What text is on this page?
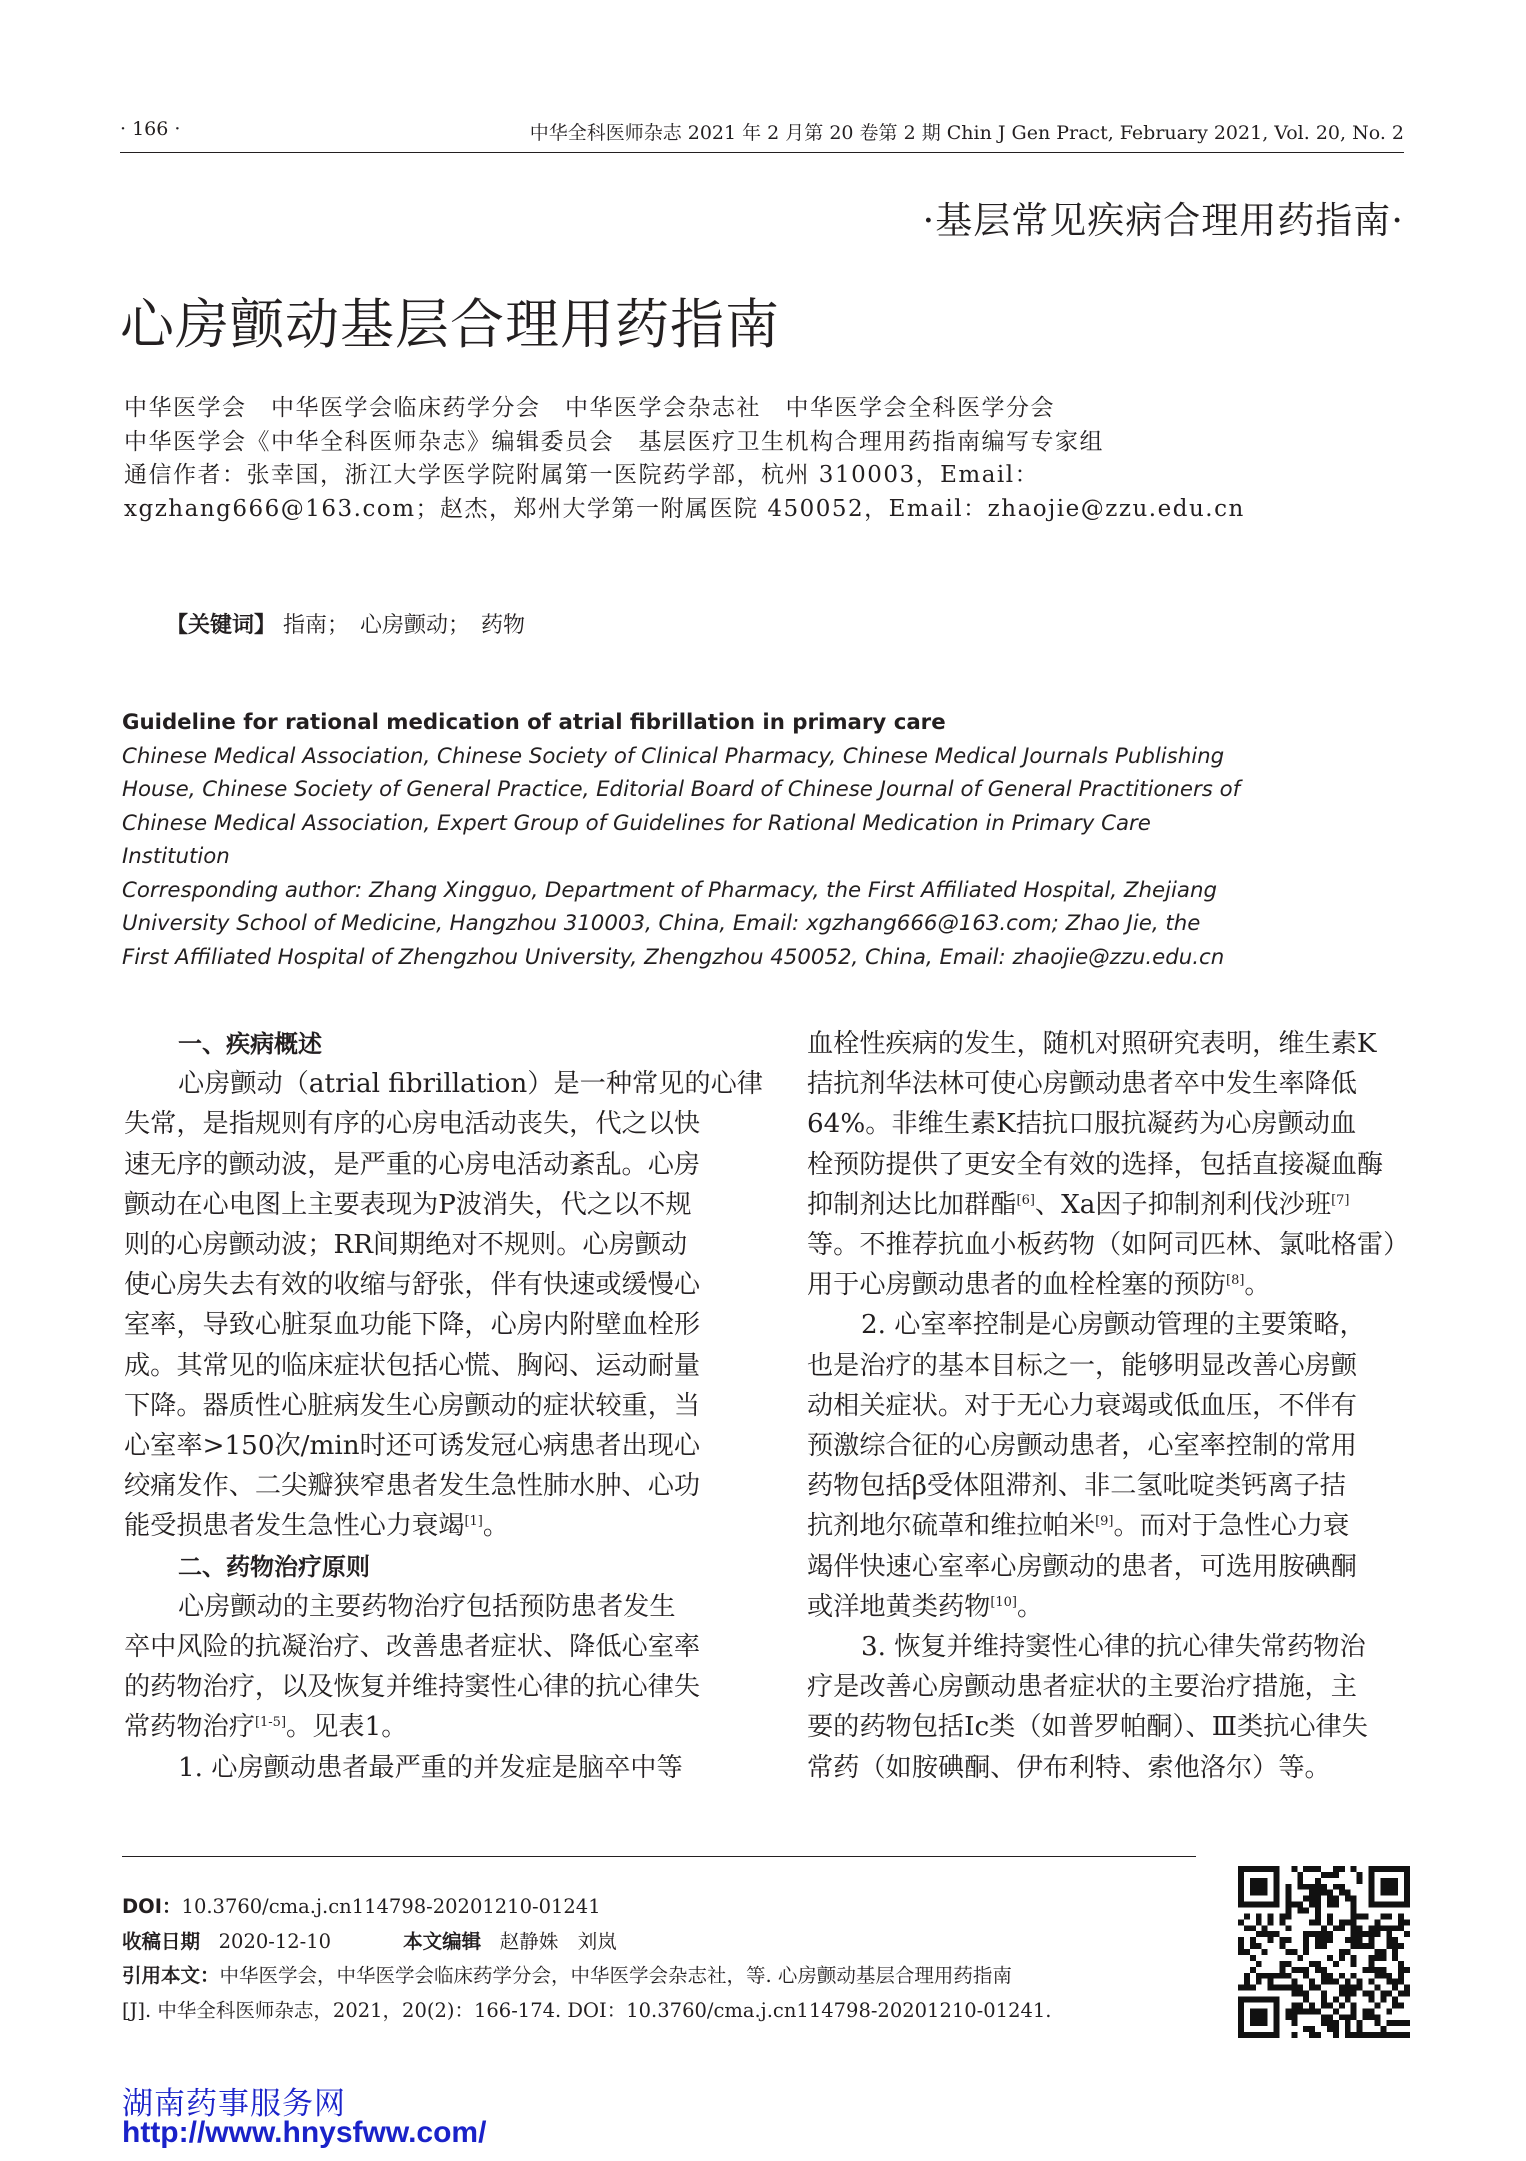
· 166 ·	中华全科医师杂志 2021 年 2 月第 20 卷第 2 期 Chin J Gen Pract, February 2021, Vol. 20, No. 2
·基层常见疾病合理用药指南·
心房颤动基层合理用药指南
中华医学会　中华医学会临床药学分会　中华医学会杂志社　中华医学会全科医学分会
中华医学会《中华全科医师杂志》编辑委员会　基层医疗卫生机构合理用药指南编写专家组
通信作者：张幸国，浙江大学医学院附属第一医院药学部，杭州 310003，Email：
xgzhang666@163.com；赵杰，郑州大学第一附属医院 450052，Email：zhaojie@zzu.edu.cn
【关键词】 指南；　心房颤动；　药物
Guideline for rational medication of atrial fibrillation in primary care
Chinese Medical Association, Chinese Society of Clinical Pharmacy, Chinese Medical Journals Publishing
House, Chinese Society of General Practice, Editorial Board of Chinese Journal of General Practitioners of
Chinese Medical Association, Expert Group of Guidelines for Rational Medication in Primary Care
Institution
Corresponding author: Zhang Xingguo, Department of Pharmacy, the First Affiliated Hospital, Zhejiang
University School of Medicine, Hangzhou 310003, China, Email: xgzhang666@163.com; Zhao Jie, the
First Affiliated Hospital of Zhengzhou University, Zhengzhou 450052, China, Email: zhaojie@zzu.edu.cn
一、疾病概述
心房颤动（atrial fibrillation）是一种常见的心律
失常，是指规则有序的心房电活动丧失，代之以快
速无序的颤动波，是严重的心房电活动紊乱。心房
颤动在心电图上主要表现为P波消失，代之以不规
则的心房颤动波；RR间期绝对不规则。心房颤动
使心房失去有效的收缩与舒张，伴有快速或缓慢心
室率，导致心脏泵血功能下降，心房内附壁血栓形
成。其常见的临床症状包括心慌、胸闷、运动耐量
下降。器质性心脏病发生心房颤动的症状较重，当
心室率>150次/min时还可诱发冠心病患者出现心
绞痛发作、二尖瓣狭窄患者发生急性肺水肿、心功
能受损患者发生急性心力衰竭[1]。
二、药物治疗原则
心房颤动的主要药物治疗包括预防患者发生
卒中风险的抗凝治疗、改善患者症状、降低心室率
的药物治疗，以及恢复并维持窦性心律的抗心律失
常药物治疗[1-5]。见表1。
1. 心房颤动患者最严重的并发症是脑卒中等
血栓性疾病的发生，随机对照研究表明，维生素K
拮抗剂华法林可使心房颤动患者卒中发生率降低
64%。非维生素K拮抗口服抗凝药为心房颤动血
栓预防提供了更安全有效的选择，包括直接凝血酶
抑制剂达比加群酯[6]、Ⅹa因子抑制剂利伐沙班[7]
等。不推荐抗血小板药物（如阿司匹林、氯吡格雷）
用于心房颤动患者的血栓栓塞的预防[8]。
2. 心室率控制是心房颤动管理的主要策略，
也是治疗的基本目标之一，能够明显改善心房颤
动相关症状。对于无心力衰竭或低血压，不伴有
预激综合征的心房颤动患者，心室率控制的常用
药物包括β受体阻滞剂、非二氢吡啶类钙离子拮
抗剂地尔硫䓬和维拉帕米[9]。而对于急性心力衰
竭伴快速心室率心房颤动的患者，可选用胺碘酮
或洋地黄类药物[10]。
3. 恢复并维持窦性心律的抗心律失常药物治
疗是改善心房颤动患者症状的主要治疗措施，主
要的药物包括Ⅰc类（如普罗帕酮）、Ⅲ类抗心律失
常药（如胺碘酮、伊布利特、索他洛尔）等。
DOI：10.3760/cma.j.cn114798-20201210-01241
收稿日期 2020-12-10	本文编辑 赵静姝　刘岚
引用本文：中华医学会，中华医学会临床药学分会，中华医学会杂志社，等. 心房颤动基层合理用药指南
[J]. 中华全科医师杂志，2021，20(2)：166-174. DOI：10.3760/cma.j.cn114798-20201210-01241.
湖南药事服务网
http://www.hnysfww.com/
